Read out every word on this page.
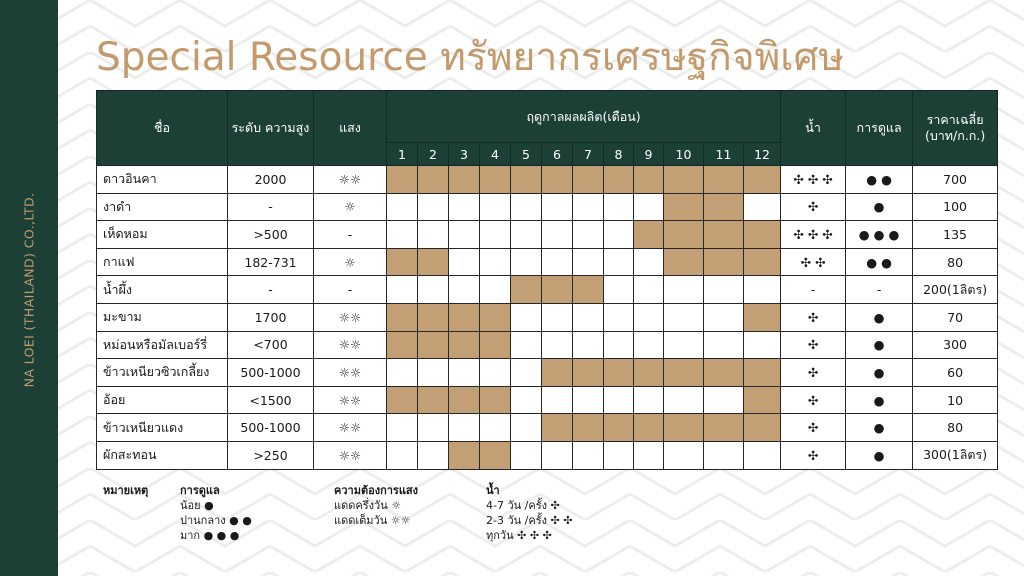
NA LOEI (THAILAND) CO.,LTD.
Special Resource ทรัพยากรเศรษฐกิจพิเศษ
ชื่อ	ระดับ ความสูง	แสง	ฤดูกาลผลผลิต(เดือน)												น้ำ	การดูแล	ราคาเฉลี่ย (บาท/ก.ก.)
			1	2	3	4	5	6	7	8	9	10	11	12			
ดาวอินคา	2000	☼☼													✣ ✣ ✣	● ●	700
งาดำ	-	☼													✣	●	100
เห็ดหอม	>500	-													✣ ✣ ✣	● ● ●	135
กาแฟ	182-731	☼													✣ ✣	● ●	80
น้ำผึ้ง	-	-													-	-	200(1ลิตร)
มะขาม	1700	☼☼													✣	●	70
หม่อนหรือมัลเบอร์รี่	<700	☼☼													✣	●	300
ข้าวเหนียวซิวเกลี้ยง	500-1000	☼☼													✣	●	60
อ้อย	<1500	☼☼													✣	●	10
ข้าวเหนียวแดง	500-1000	☼☼													✣	●	80
ผักสะทอน	>250	☼☼													✣	●	300(1ลิตร)
หมายเหตุ	การดูแล
น้อย ●
ปานกลาง ● ●
มาก ● ● ●
ความต้องการแสง
แดดครึ่งวัน ☼
แดดเต็มวัน ☼☼
น้ำ
4-7 วัน /ครั้ง ✣
2-3 วัน /ครั้ง ✣ ✣
ทุกวัน ✣ ✣ ✣
